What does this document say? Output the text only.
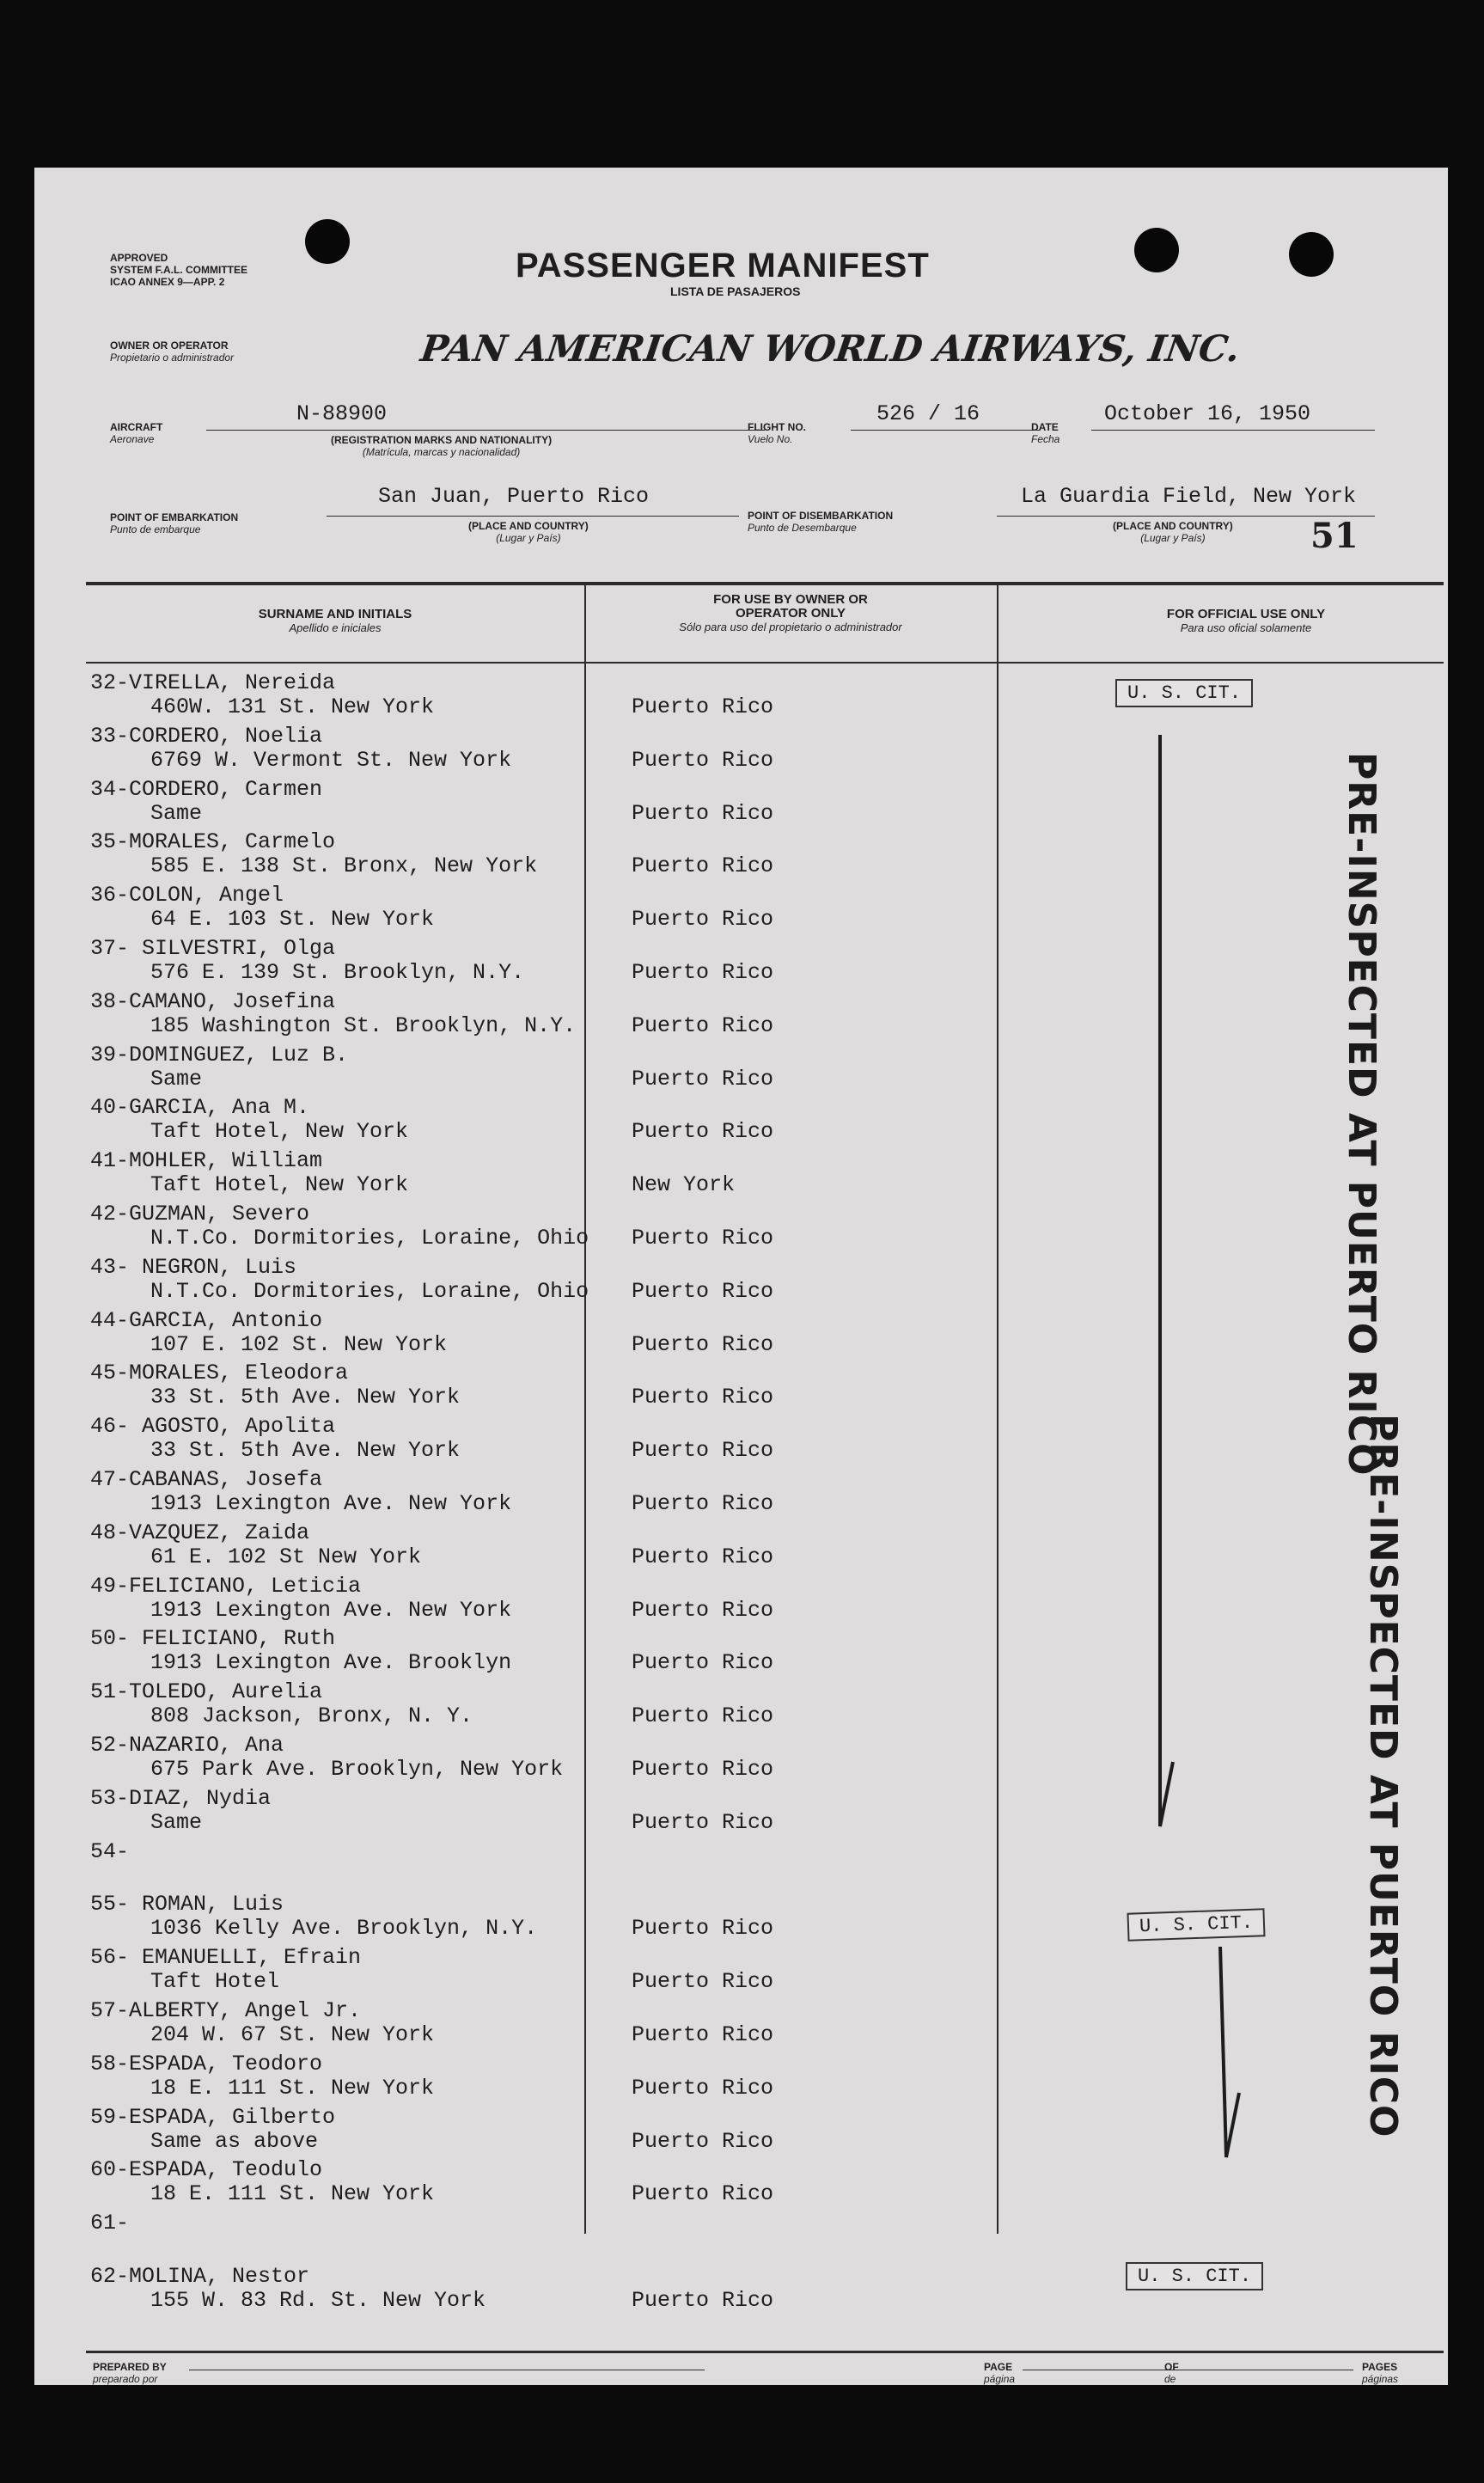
APPROVED
SYSTEM F.A.L. COMMITTEE
ICAO ANNEX 9—APP. 2	PASSENGER MANIFEST
LISTA DE PASAJEROS
OWNER OR OPERATOR
Propietario o administrador	PAN AMERICAN WORLD AIRWAYS, INC.
AIRCRAFT
Aeronave
N-88900
(REGISTRATION MARKS AND NATIONALITY)
(Matrícula, marcas y nacionalidad)
FLIGHT NO.
Vuelo No.
526 / 16
DATE
Fecha
October 16, 1950
POINT OF EMBARKATION
Punto de embarque
San Juan, Puerto Rico
(PLACE AND COUNTRY)
(Lugar y País)
POINT OF DISEMBARKATION
Punto de Desembarque
La Guardia Field, New York
(PLACE AND COUNTRY)
(Lugar y País)	51
SURNAME AND INITIALS
Apellido e iniciales
FOR USE BY OWNER OR OPERATOR ONLY
Sólo para uso del propietario o administrador
FOR OFFICIAL USE ONLY
Para uso oficial solamente
32-VIRELLA, Nereida
460W. 131 St. New York	Puerto Rico
33-CORDERO, Noelia
6769 W. Vermont St. New York	Puerto Rico
34-CORDERO, Carmen
Same	Puerto Rico
35-MORALES, Carmelo
585 E. 138 St. Bronx, New York	Puerto Rico
36-COLON, Angel
64 E. 103 St. New York	Puerto Rico
37- SILVESTRI, Olga
576 E. 139 St. Brooklyn, N.Y.	Puerto Rico
38-CAMANO, Josefina
185 Washington St. Brooklyn, N.Y.	Puerto Rico
39-DOMINGUEZ, Luz B.
Same	Puerto Rico
40-GARCIA, Ana M.
Taft Hotel, New York	Puerto Rico
41-MOHLER, William
Taft Hotel, New York	New York
42-GUZMAN, Severo
N.T.Co. Dormitories, Loraine, Ohio Puerto Rico
43- NEGRON, Luis
N.T.Co. Dormitories, Loraine, Ohio Puerto Rico
44-GARCIA, Antonio
107 E. 102 St. New York	Puerto Rico
45-MORALES, Eleodora
33 St. 5th Ave. New York	Puerto Rico
46- AGOSTO, Apolita
33 St. 5th Ave. New York	Puerto Rico
47-CABANAS, Josefa
1913 Lexington Ave. New York	Puerto Rico
48-VAZQUEZ, Zaida
61 E. 102 St New York	Puerto Rico
49-FELICIANO, Leticia
1913 Lexington Ave. New York	Puerto Rico
50- FELICIANO, Ruth
1913 Lexington Ave. Brooklyn	Puerto Rico
51-TOLEDO, Aurelia
808 Jackson, Bronx, N. Y.	Puerto Rico
52-NAZARIO, Ana
675 Park Ave. Brooklyn, New York	Puerto Rico
53-DIAZ, Nydia
Same	Puerto Rico
54-
55- ROMAN, Luis
1036 Kelly Ave. Brooklyn, N.Y.	Puerto Rico
56- EMANUELLI, Efrain
Taft Hotel	Puerto Rico
57-ALBERTY, Angel Jr.
204 W. 67 St. New York	Puerto Rico
58-ESPADA, Teodoro
18 E. 111 St. New York	Puerto Rico
59-ESPADA, Gilberto
Same as above	Puerto Rico
60-ESPADA, Teodulo
18 E. 111 St. New York	Puerto Rico
61-
62-MOLINA, Nestor
155 W. 83 Rd. St. New York	Puerto Rico
U. S. CIT.
U. S. CIT.
U. S. CIT.
PRE-INSPECTED AT PUERTO RICO
PRE-INSPECTED AT PUERTO RICO
PREPARED BY
preparado por
PAGE
página
OF
de
PAGES
páginas
